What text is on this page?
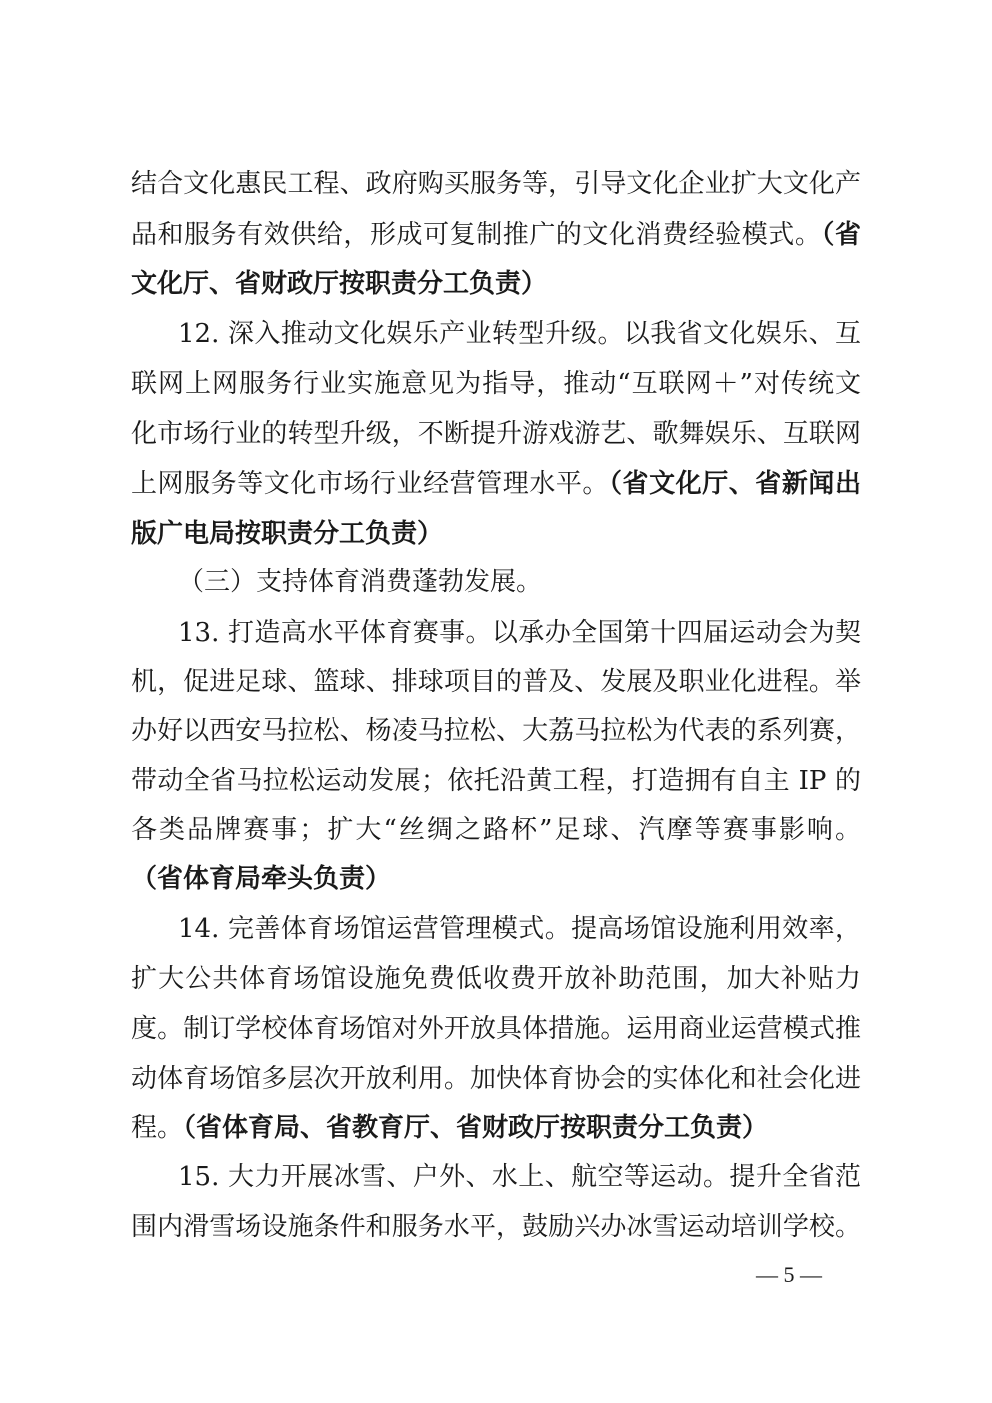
结合文化惠民工程、政府购买服务等，引导文化企业扩大文化产
品和服务有效供给，形成可复制推广的文化消费经验模式。（省
文化厅、省财政厅按职责分工负责）
12. 深入推动文化娱乐产业转型升级。以我省文化娱乐、互
联网上网服务行业实施意见为指导，推动“互联网＋”对传统文
化市场行业的转型升级，不断提升游戏游艺、歌舞娱乐、互联网
上网服务等文化市场行业经营管理水平。（省文化厅、省新闻出
版广电局按职责分工负责）
（三）支持体育消费蓬勃发展。
13. 打造高水平体育赛事。以承办全国第十四届运动会为契
机，促进足球、篮球、排球项目的普及、发展及职业化进程。举
办好以西安马拉松、杨凌马拉松、大荔马拉松为代表的系列赛，
带动全省马拉松运动发展；依托沿黄工程，打造拥有自主 IP 的
各类品牌赛事；扩大“丝绸之路杯”足球、汽摩等赛事影响。
（省体育局牵头负责）
14. 完善体育场馆运营管理模式。提高场馆设施利用效率，
扩大公共体育场馆设施免费低收费开放补助范围，加大补贴力
度。制订学校体育场馆对外开放具体措施。运用商业运营模式推
动体育场馆多层次开放利用。加快体育协会的实体化和社会化进
程。（省体育局、省教育厅、省财政厅按职责分工负责）
15. 大力开展冰雪、户外、水上、航空等运动。提升全省范
围内滑雪场设施条件和服务水平，鼓励兴办冰雪运动培训学校。
— 5 —
